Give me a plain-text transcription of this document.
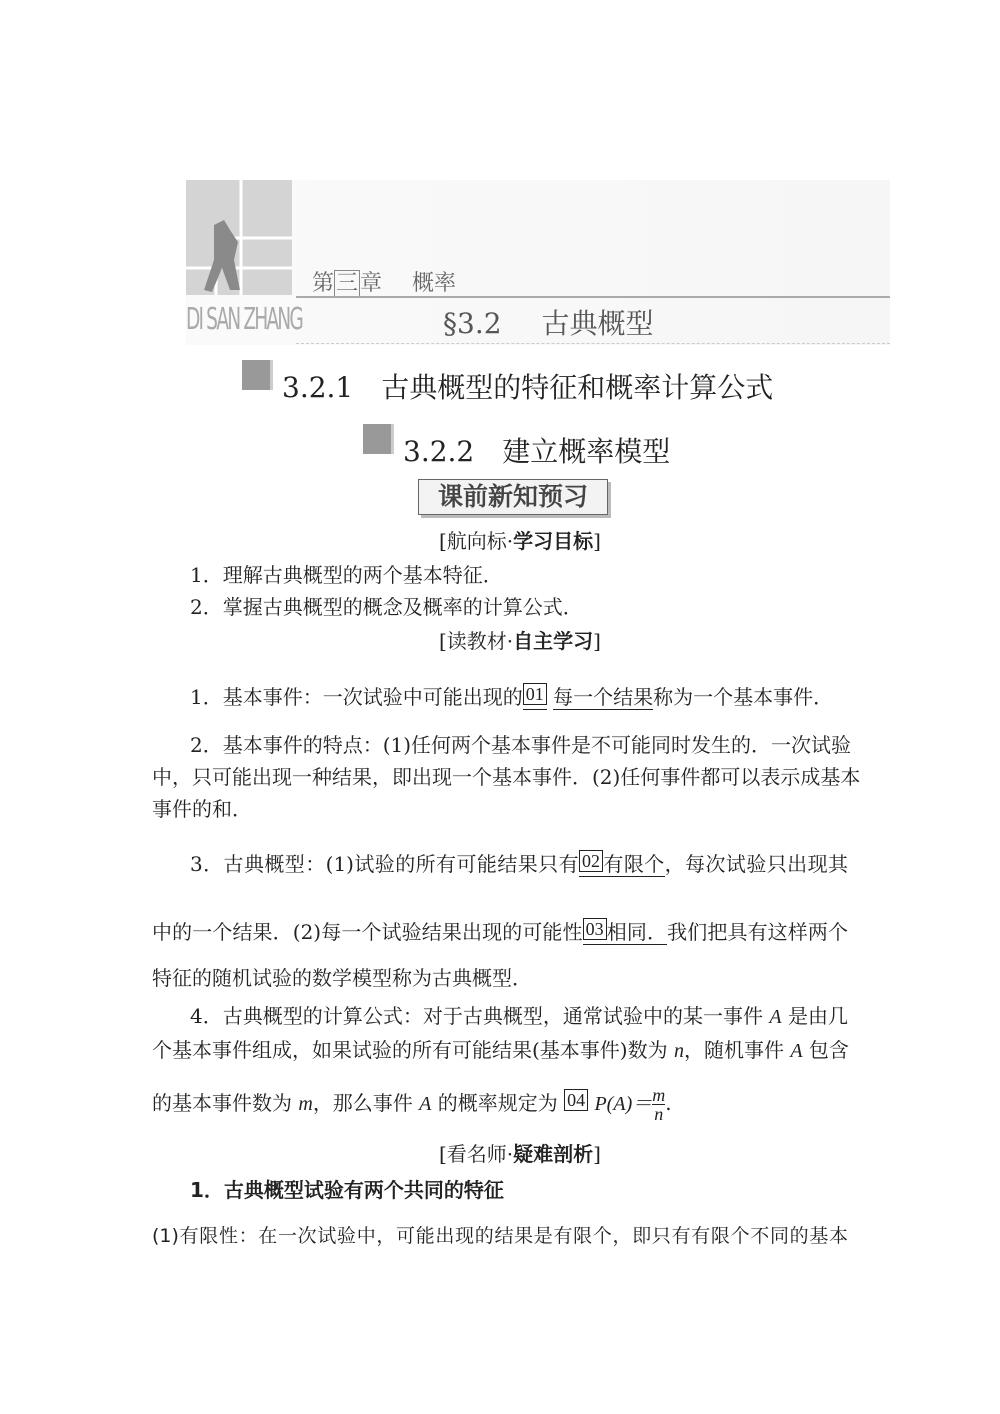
DI SAN ZHANG
第三章 概率
§3.2 古典概型
3.2.1　古典概型的特征和概率计算公式
3.2.2　建立概率模型
课前新知预习
[航向标·学习目标]
1．理解古典概型的两个基本特征．
2．掌握古典概型的概念及概率的计算公式．
[读教材·自主学习]
1．基本事件：一次试验中可能出现的 01 每一个结果称为一个基本事件．
2．基本事件的特点：(1)任何两个基本事件是不可能同时发生的．一次试验
中，只可能出现一种结果，即出现一个基本事件．(2)任何事件都可以表示成基本
事件的和．
3．古典概型：(1)试验的所有可能结果只有 02 有限个，每次试验只出现其
中的一个结果．(2)每一个试验结果出现的可能性 03 相同．我们把具有这样两个
特征的随机试验的数学模型称为古典概型．
4．古典概型的计算公式：对于古典概型，通常试验中的某一事件 A 是由几
个基本事件组成，如果试验的所有可能结果(基本事件)数为 n，随机事件 A 包含
的基本事件数为 m，那么事件 A 的概率规定为 04 $P(A)= \frac{m}{n}$ .
[看名师·疑难剖析]
1．古典概型试验有两个共同的特征
(1)有限性：在一次试验中，可能出现的结果是有限个，即只有有限个不同的基本
